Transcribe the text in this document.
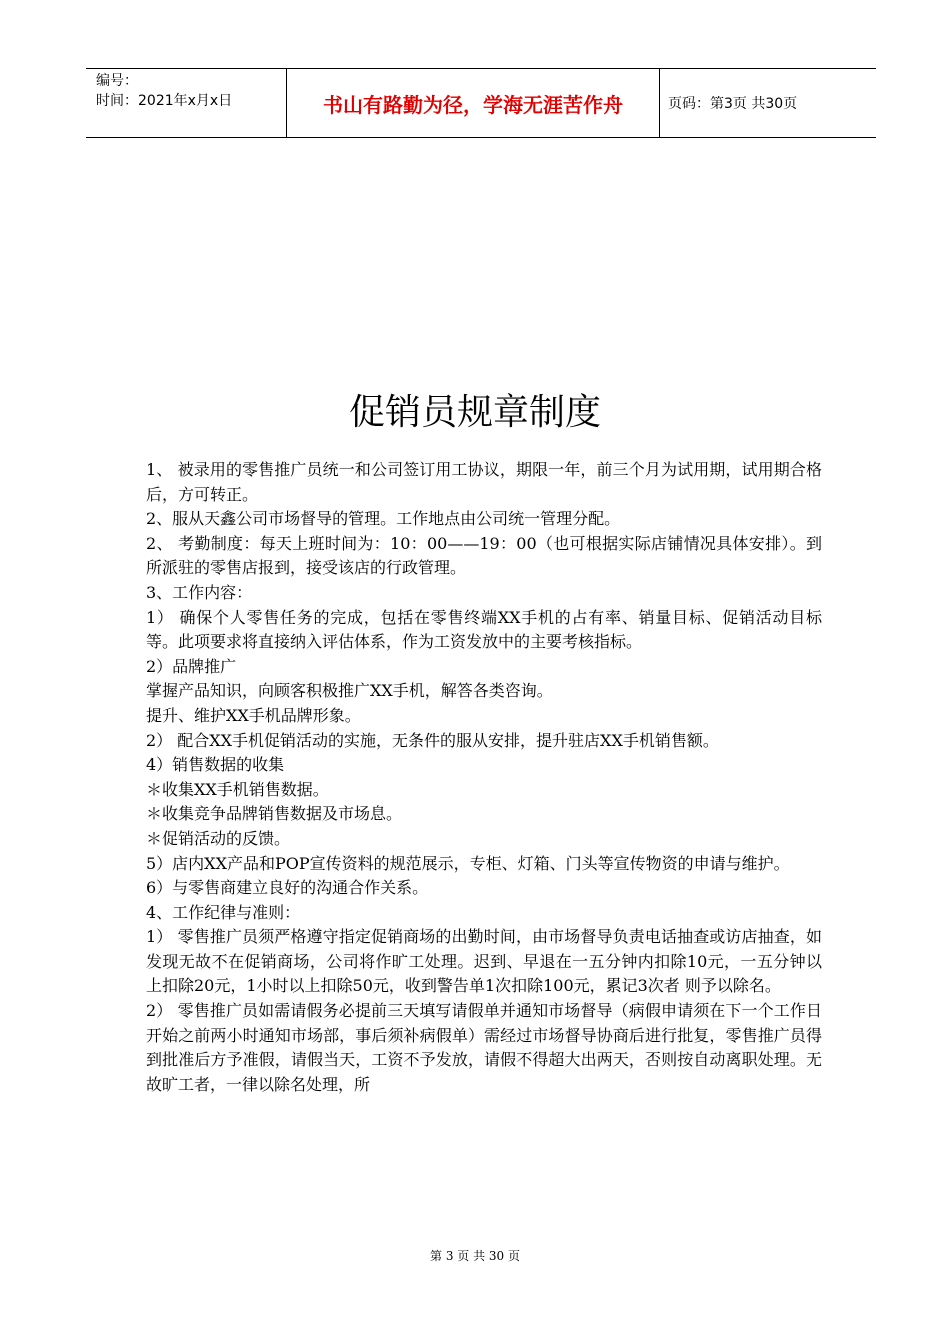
编号：
时间：2021年x月x日	书山有路勤为径，学海无涯苦作舟	页码：第3页 共30页
促销员规章制度

1、 被录用的零售推广员统一和公司签订用工协议，期限一年，前三个月为试用期，试用期合格后，方可转正。

2、服从天鑫公司市场督导的管理。工作地点由公司统一管理分配。

2、 考勤制度：每天上班时间为：10：00——19：00（也可根据实际店铺情况具体安排）。到所派驻的零售店报到，接受该店的行政管理。

3、工作内容：

1） 确保个人零售任务的完成，包括在零售终端XX手机的占有率、销量目标、促销活动目标等。此项要求将直接纳入评估体系，作为工资发放中的主要考核指标。

2）品牌推广

掌握产品知识，向顾客积极推广XX手机，解答各类咨询。

提升、维护XX手机品牌形象。

2） 配合XX手机促销活动的实施，无条件的服从安排，提升驻店XX手机销售额。

4）销售数据的收集

＊收集XX手机销售数据。

＊收集竞争品牌销售数据及市场息。

＊促销活动的反馈。

5）店内XX产品和POP宣传资料的规范展示，专柜、灯箱、门头等宣传物资的申请与维护。

6）与零售商建立良好的沟通合作关系。

4、工作纪律与准则：

1） 零售推广员须严格遵守指定促销商场的出勤时间，由市场督导负责电话抽查或访店抽查，如发现无故不在促销商场，公司将作旷工处理。迟到、早退在一五分钟内扣除10元，一五分钟以上扣除20元，1小时以上扣除50元，收到警告单1次扣除100元，累记3次者 则予以除名。

2） 零售推广员如需请假务必提前三天填写请假单并通知市场督导（病假申请须在下一个工作日开始之前两小时通知市场部，事后须补病假单）需经过市场督导协商后进行批复，零售推广员得到批准后方予准假，请假当天，工资不予发放，请假不得超大出两天，否则按自动离职处理。无故旷工者，一律以除名处理，所

第 3 页 共 30 页
